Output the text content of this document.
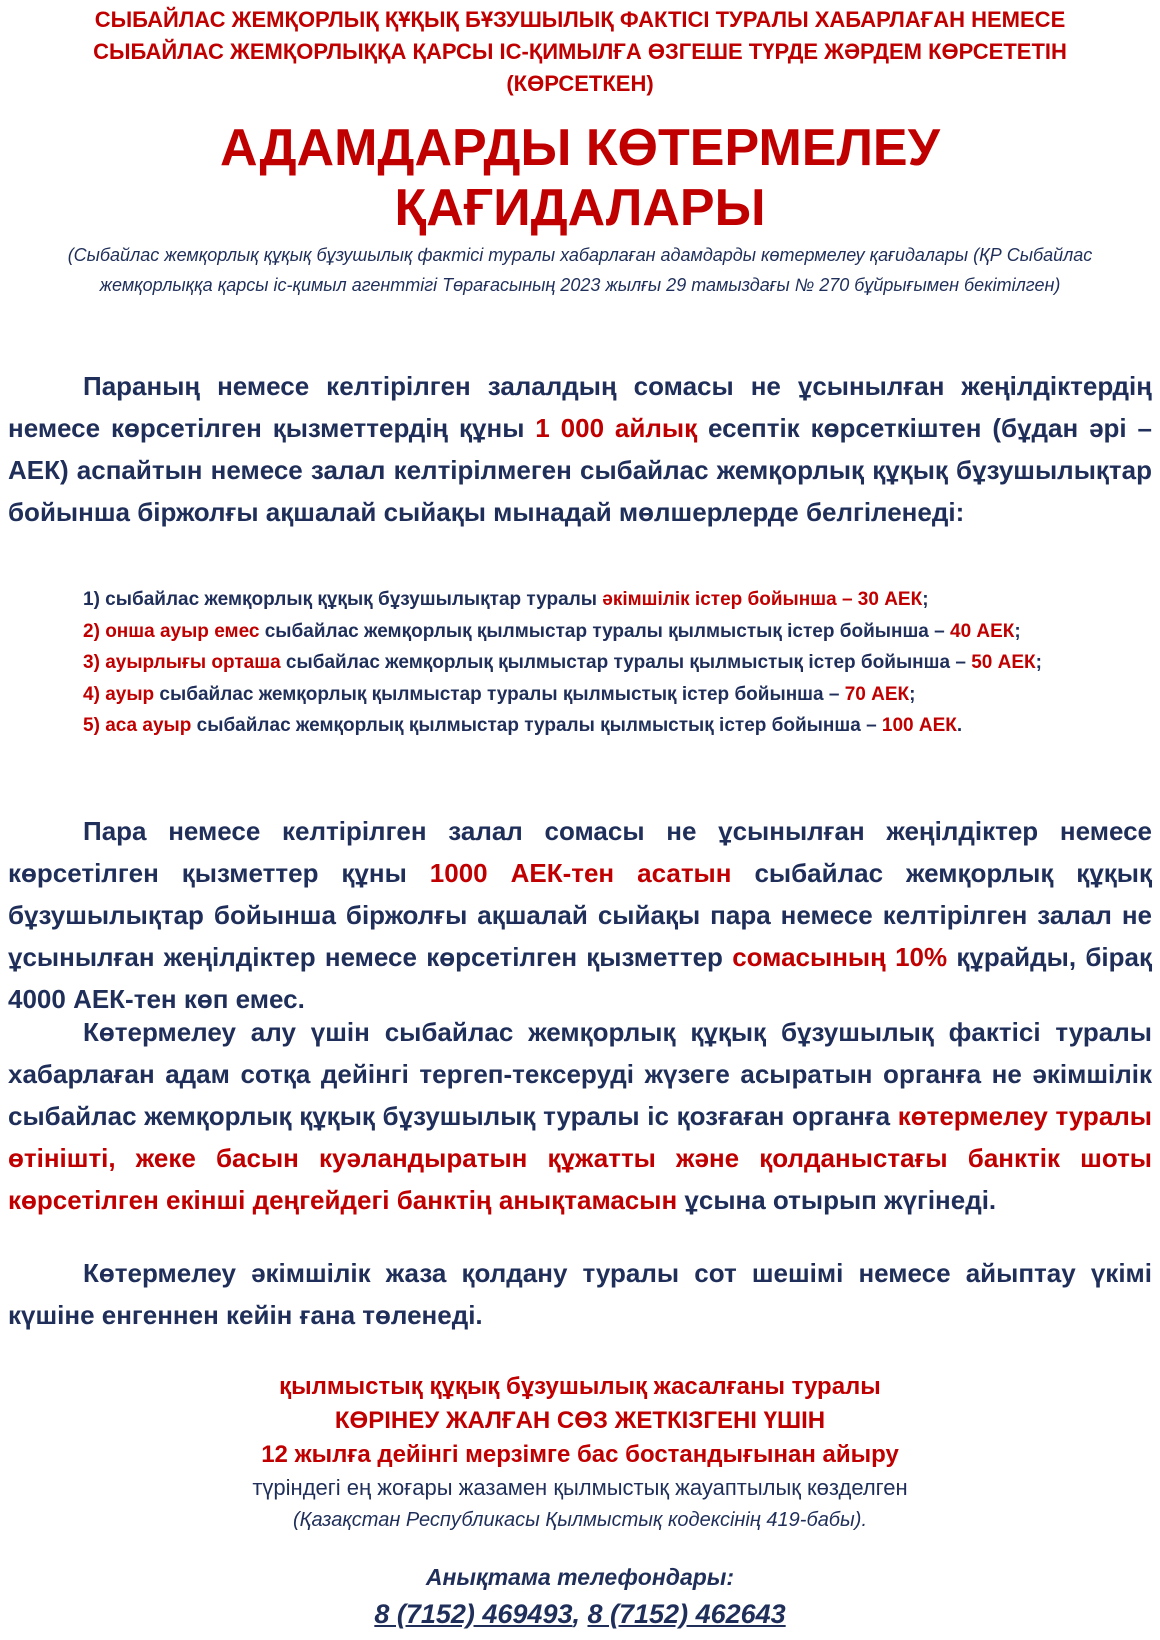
СЫБАЙЛАС ЖЕМҚОРЛЫҚ ҚҰҚЫҚ БҰЗУШЫЛЫҚ ФАКТІСІ ТУРАЛЫ ХАБАРЛАҒАН НЕМЕСЕ
СЫБАЙЛАС ЖЕМҚОРЛЫҚҚА ҚАРСЫ ІС-ҚИМЫЛҒА ӨЗГЕШЕ ТҮРДЕ ЖӘРДЕМ КӨРСЕТЕТІН
(КӨРСЕТКЕН)
АДАМДАРДЫ КӨТЕРМЕЛЕУ
ҚАҒИДАЛАРЫ
(Сыбайлас жемқорлық құқық бұзушылық фактісі туралы хабарлаған адамдарды көтермелеу қағидалары (ҚР Сыбайлас жемқорлыққа қарсы іс-қимыл агенттігі Төрағасының 2023 жылғы 29 тамыздағы № 270 бұйрығымен бекітілген)

Параның немесе келтірілген залалдың сомасы не ұсынылған жеңілдіктердің немесе көрсетілген қызметтердің құны 1 000 айлық есептік көрсеткіштен (бұдан әрі – АЕК) аспайтын немесе залал келтірілмеген сыбайлас жемқорлық құқық бұзушылықтар бойынша біржолғы ақшалай сыйақы мынадай мөлшерлерде белгіленеді:

1) сыбайлас жемқорлық құқық бұзушылықтар туралы әкімшілік істер бойынша – 30 АЕК;

2) онша ауыр емес сыбайлас жемқорлық қылмыстар туралы қылмыстық істер бойынша – 40 АЕК;

3) ауырлығы орташа сыбайлас жемқорлық қылмыстар туралы қылмыстық істер бойынша – 50 АЕК;

4) ауыр сыбайлас жемқорлық қылмыстар туралы қылмыстық істер бойынша – 70 АЕК;

5) аса ауыр сыбайлас жемқорлық қылмыстар туралы қылмыстық істер бойынша – 100 АЕК.

Пара немесе келтірілген залал сомасы не ұсынылған жеңілдіктер немесе көрсетілген қызметтер құны 1000 АЕК-тен асатын сыбайлас жемқорлық құқық бұзушылықтар бойынша біржолғы ақшалай сыйақы пара немесе келтірілген залал не ұсынылған жеңілдіктер немесе көрсетілген қызметтер сомасының 10% құрайды, бірақ 4000 АЕК-тен көп емес.

Көтермелеу алу үшін сыбайлас жемқорлық құқық бұзушылық фактісі туралы хабарлаған адам сотқа дейінгі тергеп-тексеруді жүзеге асыратын органға не әкімшілік сыбайлас жемқорлық құқық бұзушылық туралы іс қозғаған органға көтермелеу туралы өтінішті, жеке басын куәландыратын құжатты және қолданыстағы банктік шоты көрсетілген екінші деңгейдегі банктің анықтамасын ұсына отырып жүгінеді.

Көтермелеу әкімшілік жаза қолдану туралы сот шешімі немесе айыптау үкімі күшіне енгеннен кейін ғана төленеді.

қылмыстық құқық бұзушылық жасалғаны туралы
КӨРІНЕУ ЖАЛҒАН СӨЗ ЖЕТКІЗГЕНІ ҮШІН
12 жылға дейінгі мерзімге бас бостандығынан айыру
түріндегі ең жоғары жазамен қылмыстық жауаптылық көзделген
(Қазақстан Республикасы Қылмыстық кодексінің 419-бабы).
Анықтама телефондары:
8 (7152) 469493, 8 (7152) 462643
